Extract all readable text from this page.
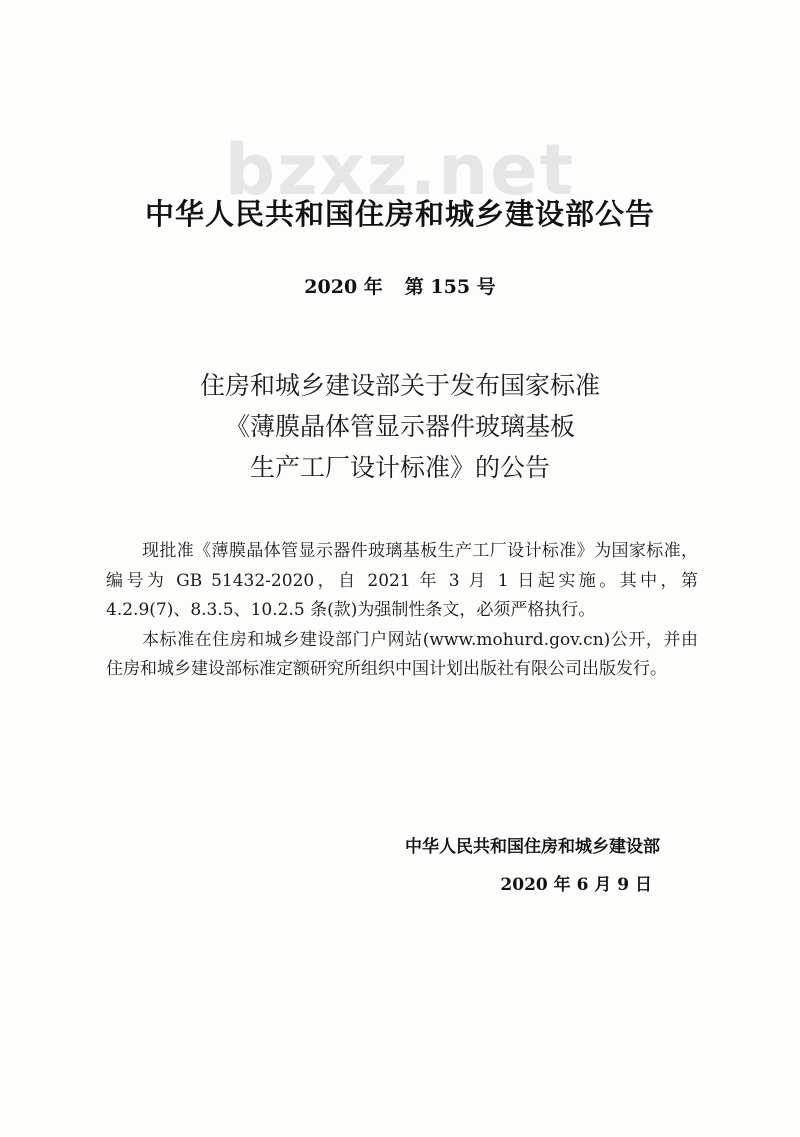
bzxz.net
中华人民共和国住房和城乡建设部公告
2020 年 第 155 号
住房和城乡建设部关于发布国家标准
《薄膜晶体管显示器件玻璃基板
生产工厂设计标准》的公告

现批准《薄膜晶体管显示器件玻璃基板生产工厂设计标准》为国家标准，编号为 GB 51432-2020，自 2021 年 3 月 1 日起实施。其中，第 4.2.9(7)、8.3.5、10.2.5 条(款)为强制性条文，必须严格执行。

本标准在住房和城乡建设部门户网站(www.mohurd.gov.cn)公开，并由住房和城乡建设部标准定额研究所组织中国计划出版社有限公司出版发行。

中华人民共和国住房和城乡建设部
2020 年 6 月 9 日
